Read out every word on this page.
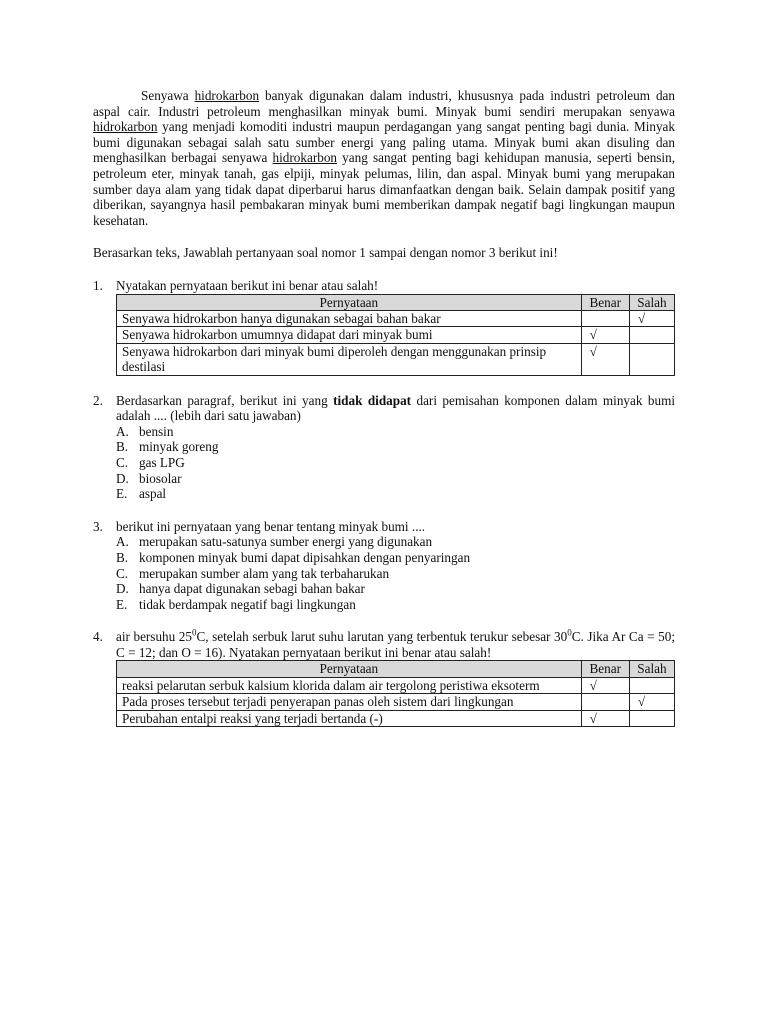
Senyawa hidrokarbon banyak digunakan dalam industri, khususnya pada industri petroleum dan aspal cair. Industri petroleum menghasilkan minyak bumi. Minyak bumi sendiri merupakan senyawa hidrokarbon yang menjadi komoditi industri maupun perdagangan yang sangat penting bagi dunia. Minyak bumi digunakan sebagai salah satu sumber energi yang paling utama. Minyak bumi akan disuling dan menghasilkan berbagai senyawa hidrokarbon yang sangat penting bagi kehidupan manusia, seperti bensin, petroleum eter, minyak tanah, gas elpiji, minyak pelumas, lilin, dan aspal. Minyak bumi yang merupakan sumber daya alam yang tidak dapat diperbarui harus dimanfaatkan dengan baik. Selain dampak positif yang diberikan, sayangnya hasil pembakaran minyak bumi memberikan dampak negatif bagi lingkungan maupun kesehatan.

Berasarkan teks, Jawablah pertanyaan soal nomor 1 sampai dengan nomor 3 berikut ini!

1. Nyatakan pernyataan berikut ini benar atau salah!
Pernyataan	Benar	Salah
Senyawa hidrokarbon hanya digunakan sebagai bahan bakar		√
Senyawa hidrokarbon umumnya didapat dari minyak bumi	√	
Senyawa hidrokarbon dari minyak bumi diperoleh dengan menggunakan prinsip destilasi	√	
2. Berdasarkan paragraf, berikut ini yang tidak didapat dari pemisahan komponen dalam minyak bumi adalah .... (lebih dari satu jawaban)
A. bensin
B. minyak goreng
C. gas LPG
D. biosolar
E. aspal
3. berikut ini pernyataan yang benar tentang minyak bumi ....
A. merupakan satu-satunya sumber energi yang digunakan
B. komponen minyak bumi dapat dipisahkan dengan penyaringan
C. merupakan sumber alam yang tak terbaharukan
D. hanya dapat digunakan sebagi bahan bakar
E. tidak berdampak negatif bagi lingkungan
4. air bersuhu $25^0C$, setelah serbuk larut suhu larutan yang terbentuk terukur sebesar $30^0C$. Jika Ar Ca = 50; C = 12; dan O = 16). Nyatakan pernyataan berikut ini benar atau salah!
Pernyataan	Benar	Salah
reaksi pelarutan serbuk kalsium klorida dalam air tergolong peristiwa eksoterm	√	
Pada proses tersebut terjadi penyerapan panas oleh sistem dari lingkungan		√
Perubahan entalpi reaksi yang terjadi bertanda (-)	√	
